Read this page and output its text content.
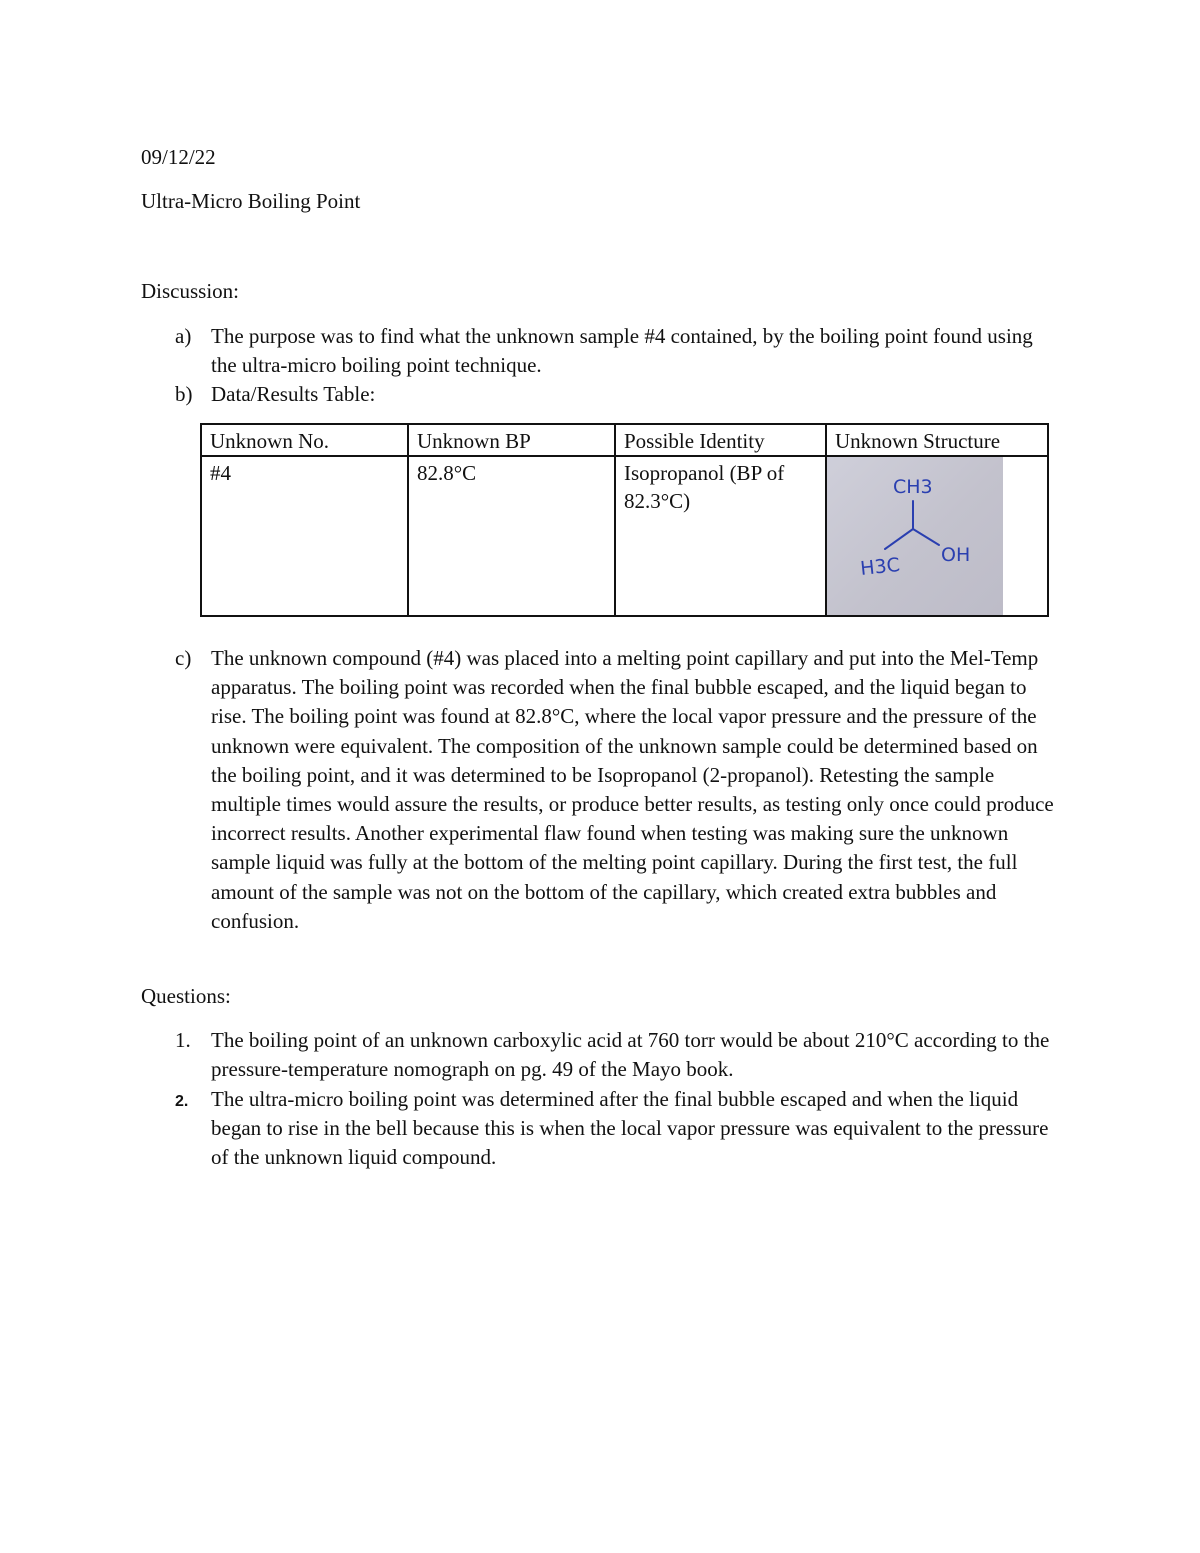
09/12/22
Ultra-Micro Boiling Point
Discussion:
a) The purpose was to find what the unknown sample #4 contained, by the boiling point found using the ultra-micro boiling point technique.
b) Data/Results Table:
Unknown No.	Unknown BP	Possible Identity	Unknown Structure
#4	82.8°C	Isopropanol (BP of 82.3°C)	CH3
H3C OH
c) The unknown compound (#4) was placed into a melting point capillary and put into the Mel-Temp apparatus. The boiling point was recorded when the final bubble escaped, and the liquid began to rise. The boiling point was found at 82.8°C, where the local vapor pressure and the pressure of the unknown were equivalent. The composition of the unknown sample could be determined based on the boiling point, and it was determined to be Isopropanol (2-propanol). Retesting the sample multiple times would assure the results, or produce better results, as testing only once could produce incorrect results. Another experimental flaw found when testing was making sure the unknown sample liquid was fully at the bottom of the melting point capillary. During the first test, the full amount of the sample was not on the bottom of the capillary, which created extra bubbles and confusion.
Questions:
1. The boiling point of an unknown carboxylic acid at 760 torr would be about 210°C according to the pressure-temperature nomograph on pg. 49 of the Mayo book.
2. The ultra-micro boiling point was determined after the final bubble escaped and when the liquid began to rise in the bell because this is when the local vapor pressure was equivalent to the pressure of the unknown liquid compound.
